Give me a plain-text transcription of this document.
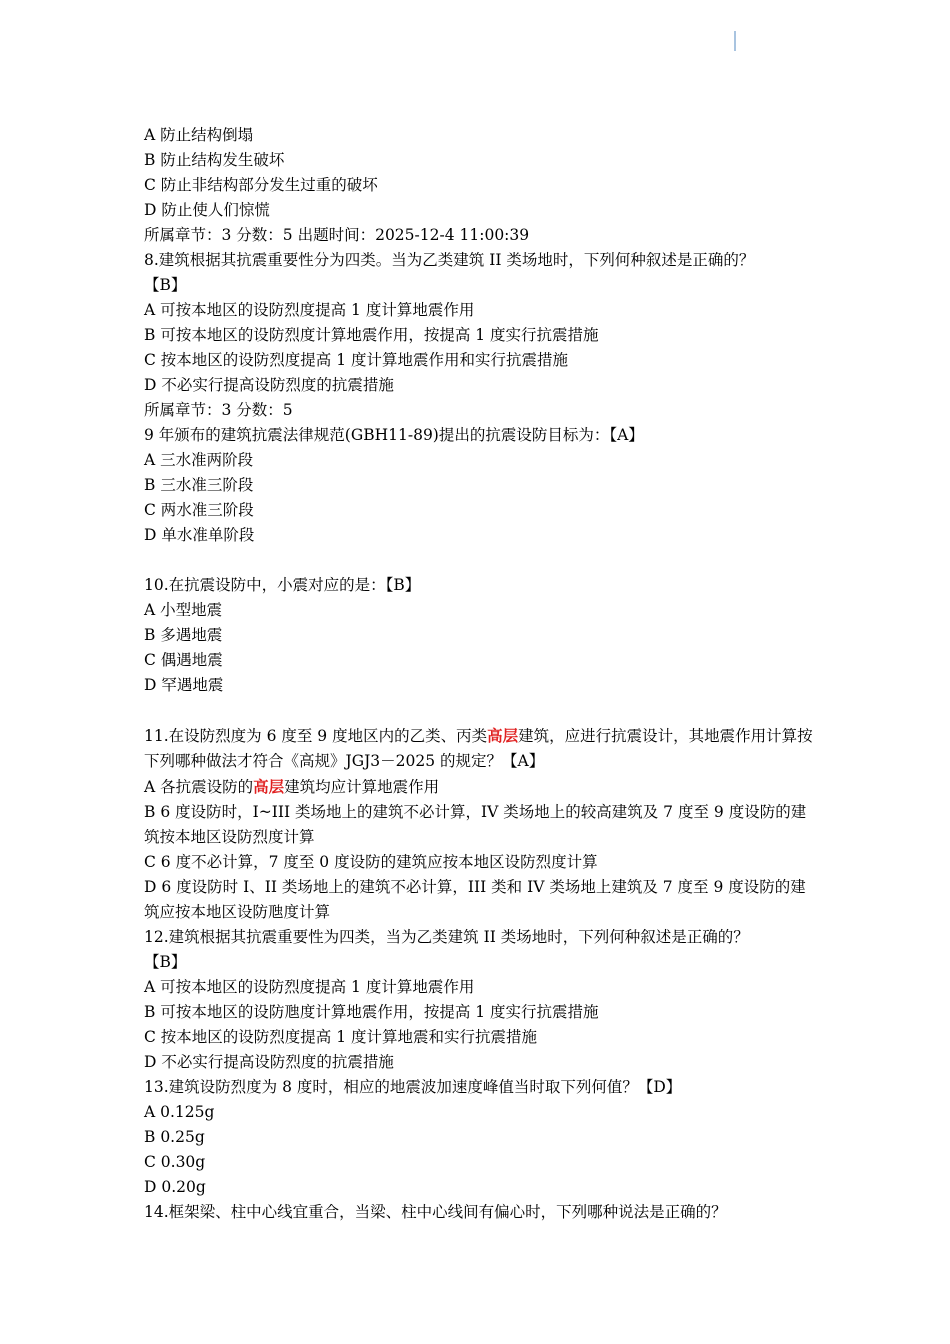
A 防止结构倒塌
B 防止结构发生破坏
C 防止非结构部分发生过重的破坏
D 防止使人们惊慌
所属章节：3 分数：5 出题时间：2025-12-4 11:00:39
8.建筑根据其抗震重要性分为四类。当为乙类建筑 II 类场地时，下列何种叙述是正确的？
【B】
A 可按本地区的设防烈度提高 1 度计算地震作用
B 可按本地区的设防烈度计算地震作用，按提高 1 度实行抗震措施
C 按本地区的设防烈度提高 1 度计算地震作用和实行抗震措施
D 不必实行提高设防烈度的抗震措施
所属章节：3 分数：5
9 年颁布的建筑抗震法律规范(GBH11-89)提出的抗震设防目标为：【A】
A 三水准两阶段
B 三水准三阶段
C 两水准三阶段
D 单水准单阶段
10.在抗震设防中，小震对应的是：【B】
A 小型地震
B 多遇地震
C 偶遇地震
D 罕遇地震
11.在设防烈度为 6 度至 9 度地区内的乙类、丙类高层建筑，应进行抗震设计，其地震作用计算按下列哪种做法才符合《高规》JGJ3－2025 的规定？【A】
A 各抗震设防的高层建筑均应计算地震作用
B 6 度设防时，I~III 类场地上的建筑不必计算，IV 类场地上的较高建筑及 7 度至 9 度设防的建筑按本地区设防烈度计算
C 6 度不必计算，7 度至 0 度设防的建筑应按本地区设防烈度计算
D 6 度设防时 I、II 类场地上的建筑不必计算，III 类和 IV 类场地上建筑及 7 度至 9 度设防的建筑应按本地区设防虺度计算
12.建筑根据其抗震重要性为四类，当为乙类建筑 II 类场地时，下列何种叙述是正确的？
【B】
A 可按本地区的设防烈度提高 1 度计算地震作用
B 可按本地区的设防虺度计算地震作用，按提高 1 度实行抗震措施
C 按本地区的设防烈度提高 1 度计算地震和实行抗震措施
D 不必实行提高设防烈度的抗震措施
13.建筑设防烈度为 8 度时，相应的地震波加速度峰值当时取下列何值？【D】
A 0.125g
B 0.25g
C 0.30g
D 0.20g
14.框架梁、柱中心线宜重合，当梁、柱中心线间有偏心时，下列哪种说法是正确的？
